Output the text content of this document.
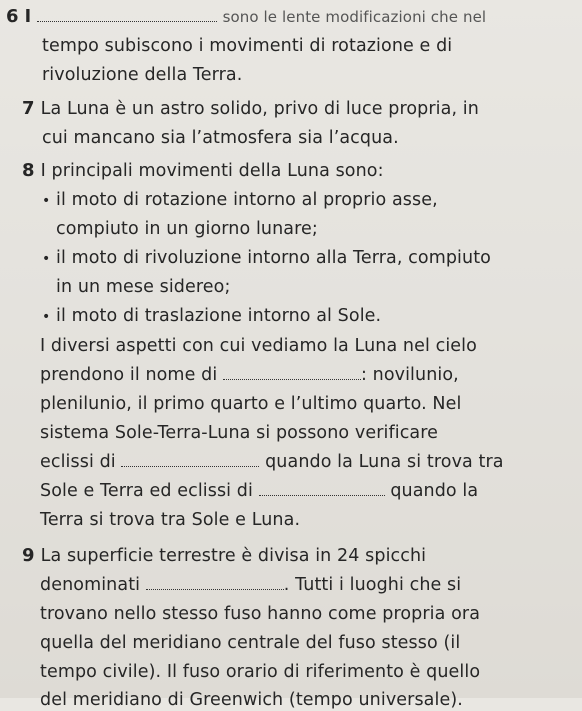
6 I	sono le lente modificazioni che nel
tempo subiscono i movimenti di rotazione e di
rivoluzione della Terra.
7 La Luna è un astro solido, privo di luce propria, in
cui mancano sia l’atmosfera sia l’acqua.
8 I principali movimenti della Luna sono:
• il moto di rotazione intorno al proprio asse,
compiuto in un giorno lunare;
• il moto di rivoluzione intorno alla Terra, compiuto
in un mese sidereo;
• il moto di traslazione intorno al Sole.
I diversi aspetti con cui vediamo la Luna nel cielo
prendono il nome di	: novilunio,
plenilunio, il primo quarto e l’ultimo quarto. Nel
sistema Sole-Terra-Luna si possono verificare
eclissi di	quando la Luna si trova tra
Sole e Terra ed eclissi di	quando la
Terra si trova tra Sole e Luna.
9 La superficie terrestre è divisa in 24 spicchi
denominati	. Tutti i luoghi che si
trovano nello stesso fuso hanno come propria ora
quella del meridiano centrale del fuso stesso (il
tempo civile). Il fuso orario di riferimento è quello
del meridiano di Greenwich (tempo universale).
